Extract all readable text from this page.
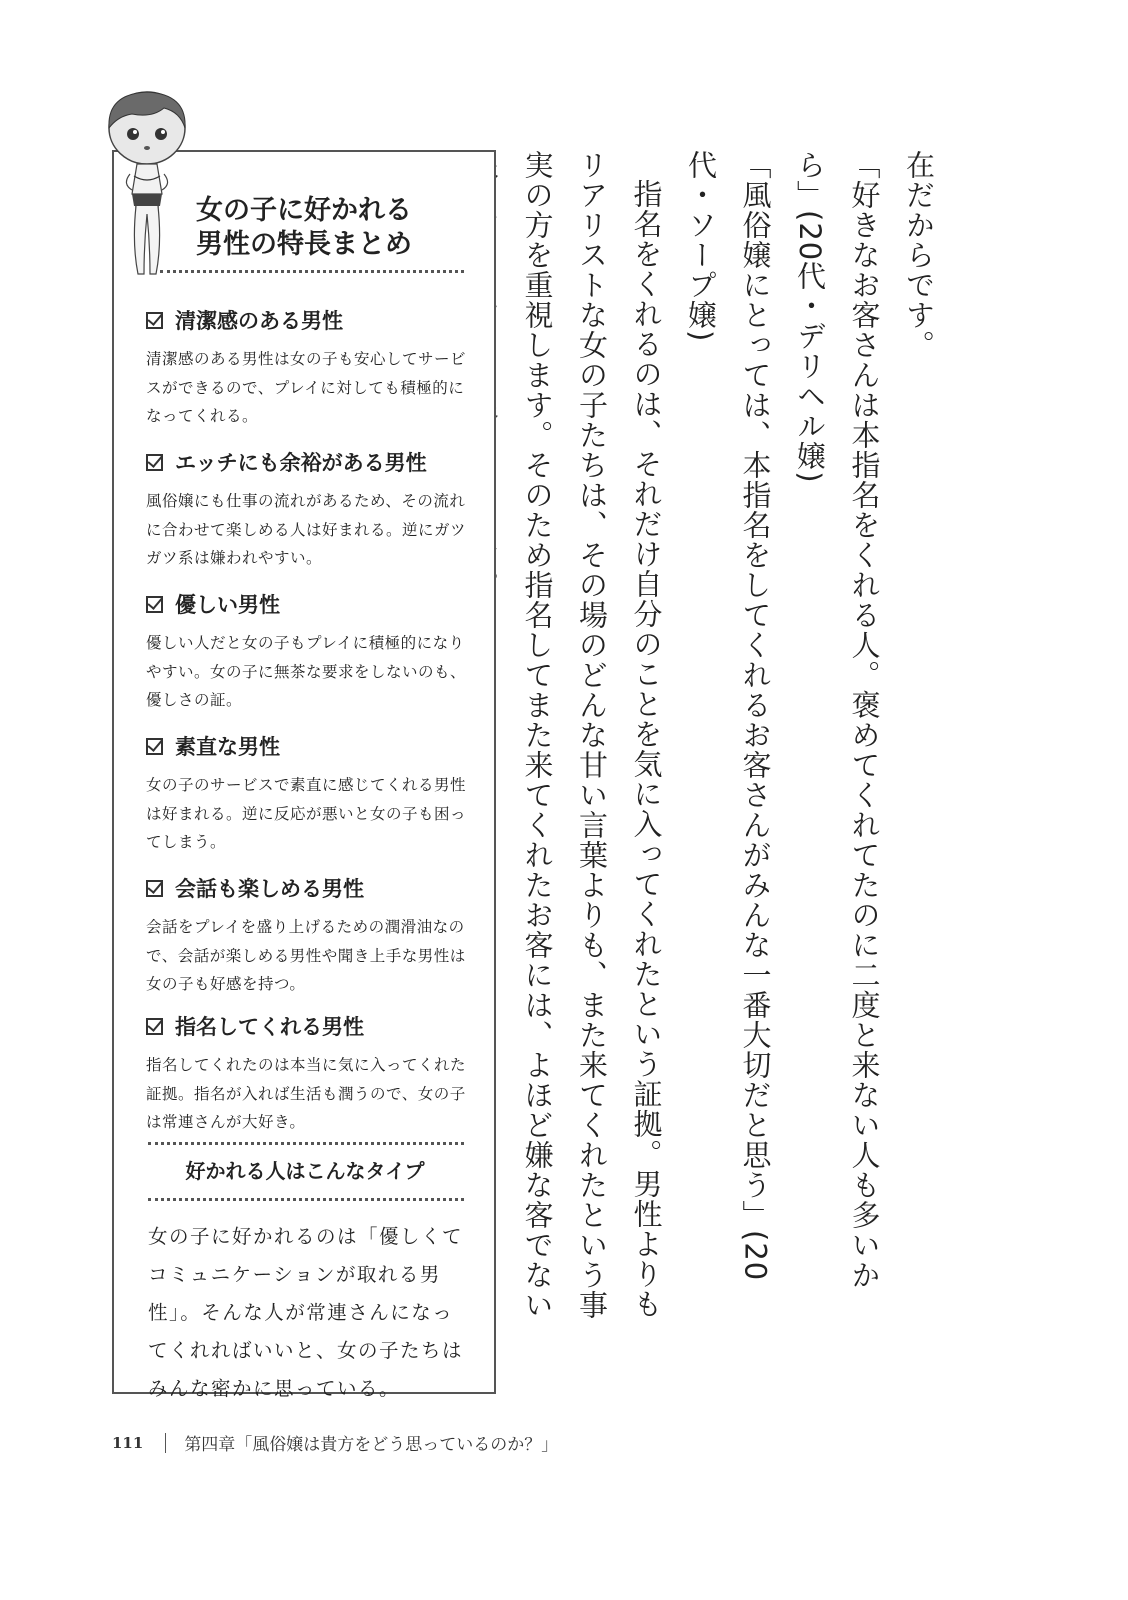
在だからです。

「好きなお客さんは本指名をくれる人。褒めてくれてたのに二度と来ない人も多いから」(20代・デリヘル嬢)

「風俗嬢にとっては、本指名をしてくれるお客さんがみんな一番大切だと思う」(20代・ソープ嬢)

指名をくれるのは、それだけ自分のことを気に入ってくれたという証拠。男性よりもリアリストな女の子たちは、その場のどんな甘い言葉よりも、また来てくれたという事実の方を重視します。そのため指名してまた来てくれたお客には、よほど嫌な客でない

女の子に好かれる
男性の特長まとめ
清潔感のある男性
清潔感のある男性は女の子も安心してサービスができるので、プレイに対しても積極的になってくれる。
エッチにも余裕がある男性
風俗嬢にも仕事の流れがあるため、その流れに合わせて楽しめる人は好まれる。逆にガツガツ系は嫌われやすい。
優しい男性
優しい人だと女の子もプレイに積極的になりやすい。女の子に無茶な要求をしないのも、優しさの証。
素直な男性
女の子のサービスで素直に感じてくれる男性は好まれる。逆に反応が悪いと女の子も困ってしまう。
会話も楽しめる男性
会話をプレイを盛り上げるための潤滑油なので、会話が楽しめる男性や聞き上手な男性は女の子も好感を持つ。
指名してくれる男性
指名してくれたのは本当に気に入ってくれた証拠。指名が入れば生活も潤うので、女の子は常連さんが大好き。
好かれる人はこんなタイプ
女の子に好かれるのは「優しくてコミュニケーションが取れる男性」。そんな人が常連さんになってくれればいいと、女の子たちはみんな密かに思っている。
111 第四章「風俗嬢は貴方をどう思っているのか？」
